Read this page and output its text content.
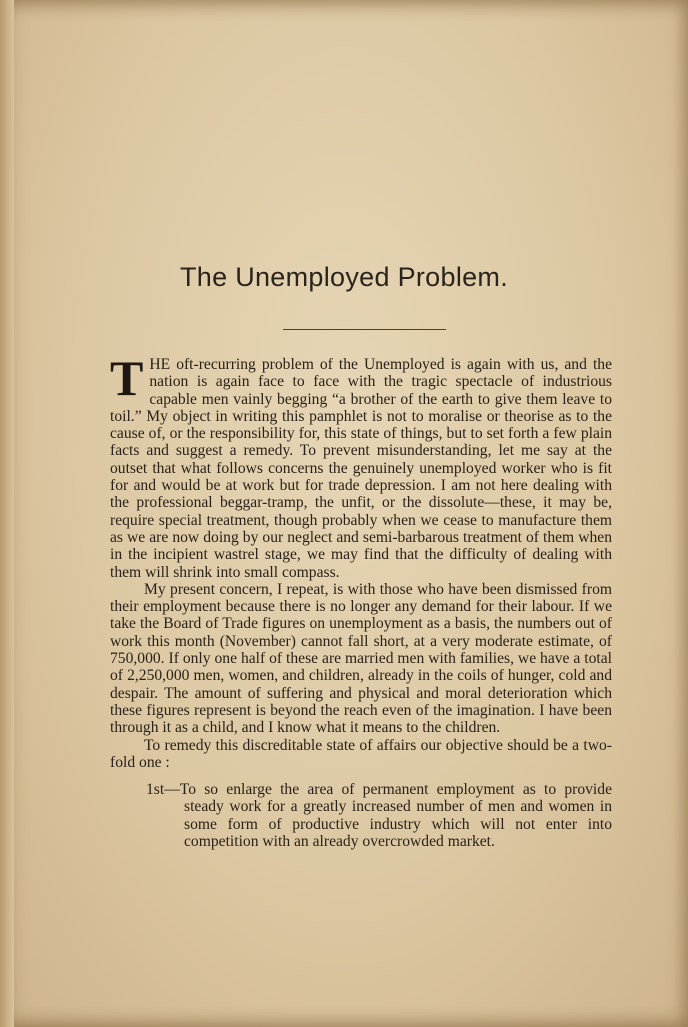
The Unemployed Problem.

THE oft-recurring problem of the Unemployed is again with us, and the nation is again face to face with the tragic spectacle of industrious capable men vainly begging “a brother of the earth to give them leave to toil.” My object in writing this pamphlet is not to moralise or theorise as to the cause of, or the responsibility for, this state of things, but to set forth a few plain facts and suggest a remedy. To prevent misunderstanding, let me say at the outset that what follows concerns the genuinely unemployed worker who is fit for and would be at work but for trade depression. I am not here dealing with the professional beggar-tramp, the unfit, or the dissolute—these, it may be, require special treatment, though probably when we cease to manufacture them as we are now doing by our neglect and semi-barbarous treatment of them when in the incipient wastrel stage, we may find that the difficulty of dealing with them will shrink into small compass.

My present concern, I repeat, is with those who have been dismissed from their employment because there is no longer any demand for their labour. If we take the Board of Trade figures on unemployment as a basis, the numbers out of work this month (November) cannot fall short, at a very moderate estimate, of 750,000. If only one half of these are married men with families, we have a total of 2,250,000 men, women, and children, already in the coils of hunger, cold and despair. The amount of suffering and physical and moral deterioration which these figures represent is beyond the reach even of the imagination. I have been through it as a child, and I know what it means to the children.

To remedy this discreditable state of affairs our objective should be a two-fold one :

1st—To so enlarge the area of permanent employment as to provide steady work for a greatly increased number of men and women in some form of productive industry which will not enter into competition with an already overcrowded market.
